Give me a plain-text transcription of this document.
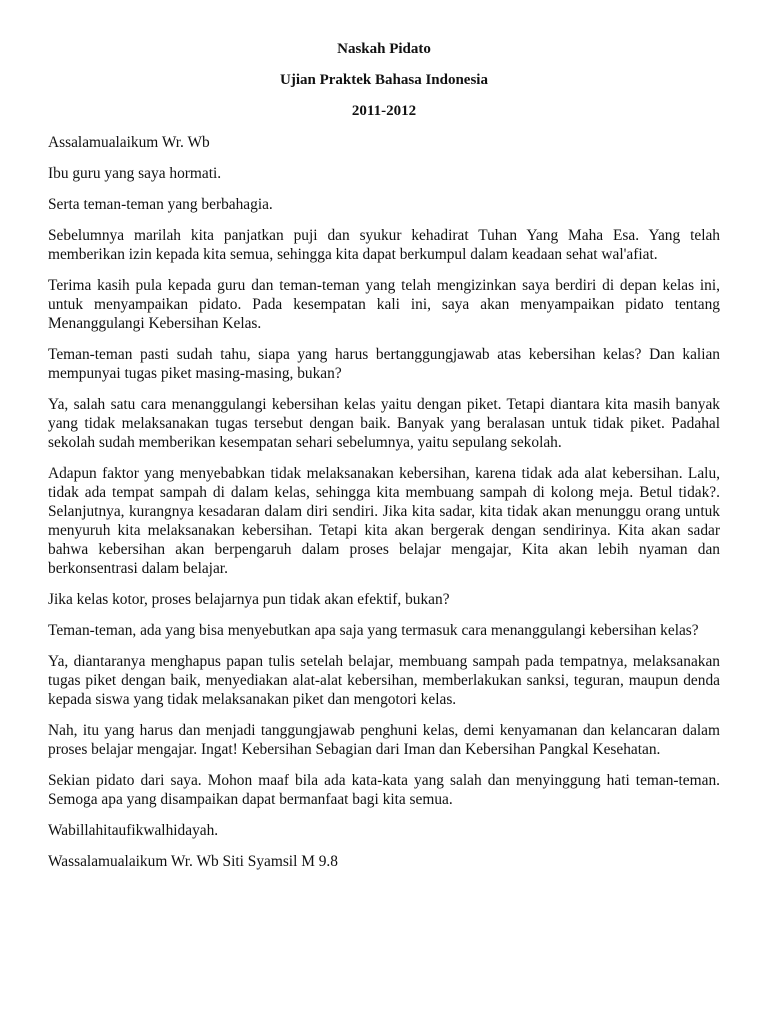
Naskah Pidato
Ujian Praktek Bahasa Indonesia
2011-2012

Assalamualaikum Wr. Wb

Ibu guru yang saya hormati.

Serta teman-teman yang berbahagia.

Sebelumnya marilah kita panjatkan puji dan syukur kehadirat Tuhan Yang Maha Esa. Yang telah memberikan izin kepada kita semua, sehingga kita dapat berkumpul dalam keadaan sehat wal'afiat.

Terima kasih pula kepada guru dan teman-teman yang telah mengizinkan saya berdiri di depan kelas ini, untuk menyampaikan pidato. Pada kesempatan kali ini, saya akan menyampaikan pidato tentang Menanggulangi Kebersihan Kelas.

Teman-teman pasti sudah tahu, siapa yang harus bertanggungjawab atas kebersihan kelas? Dan kalian mempunyai tugas piket masing-masing, bukan?

Ya, salah satu cara menanggulangi kebersihan kelas yaitu dengan piket. Tetapi diantara kita masih banyak yang tidak melaksanakan tugas tersebut dengan baik. Banyak yang beralasan untuk tidak piket. Padahal sekolah sudah memberikan kesempatan sehari sebelumnya, yaitu sepulang sekolah.

Adapun faktor yang menyebabkan tidak melaksanakan kebersihan, karena tidak ada alat kebersihan. Lalu, tidak ada tempat sampah di dalam kelas, sehingga kita membuang sampah di kolong meja. Betul tidak?. Selanjutnya, kurangnya kesadaran dalam diri sendiri. Jika kita sadar, kita tidak akan menunggu orang untuk menyuruh kita melaksanakan kebersihan. Tetapi kita akan bergerak dengan sendirinya. Kita akan sadar bahwa kebersihan akan berpengaruh dalam proses belajar mengajar, Kita akan lebih nyaman dan berkonsentrasi dalam belajar.

Jika kelas kotor, proses belajarnya pun tidak akan efektif, bukan?

Teman-teman, ada yang bisa menyebutkan apa saja yang termasuk cara menanggulangi kebersihan kelas?

Ya, diantaranya menghapus papan tulis setelah belajar, membuang sampah pada tempatnya, melaksanakan tugas piket dengan baik, menyediakan alat-alat kebersihan, memberlakukan sanksi, teguran, maupun denda kepada siswa yang tidak melaksanakan piket dan mengotori kelas.

Nah, itu yang harus dan menjadi tanggungjawab penghuni kelas, demi kenyamanan dan kelancaran dalam proses belajar mengajar. Ingat! Kebersihan Sebagian dari Iman dan Kebersihan Pangkal Kesehatan.

Sekian pidato dari saya. Mohon maaf bila ada kata-kata yang salah dan menyinggung hati teman-teman. Semoga apa yang disampaikan dapat bermanfaat bagi kita semua.

Wabillahitaufikwalhidayah.

Wassalamualaikum Wr. Wb Siti Syamsil M 9.8
